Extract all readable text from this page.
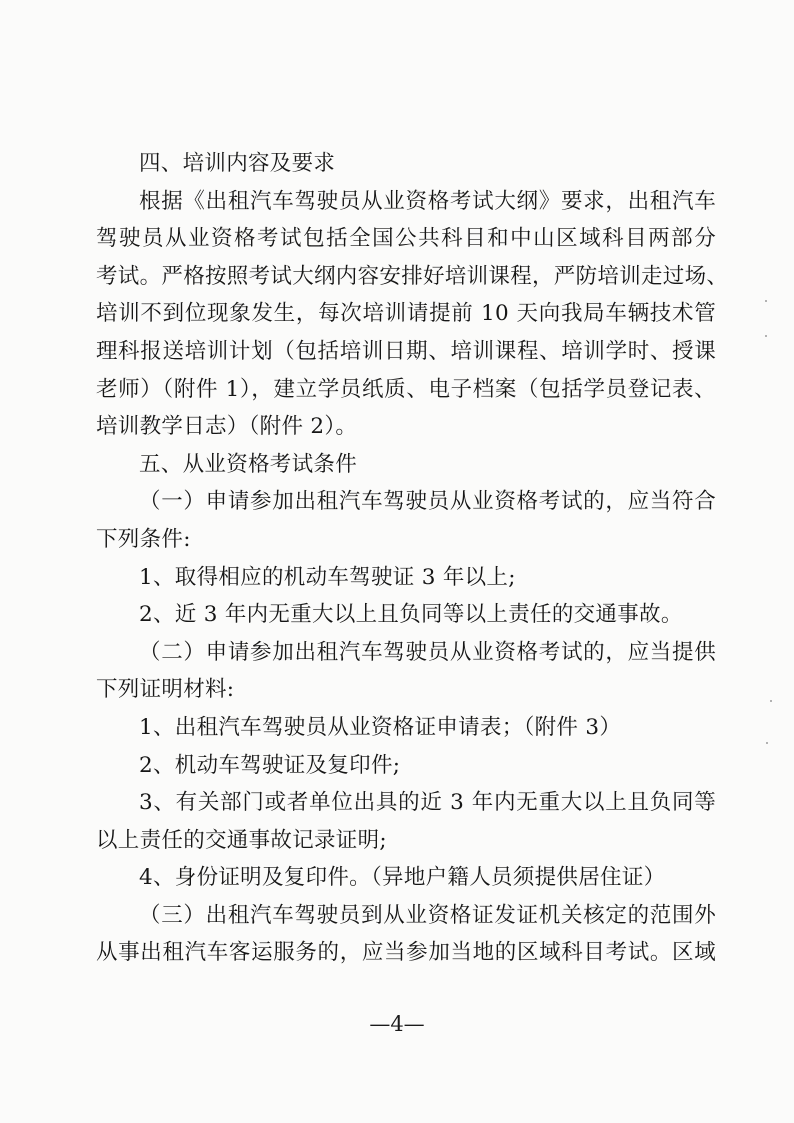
四、培训内容及要求

根据《出租汽车驾驶员从业资格考试大纲》要求，出租汽车

驾驶员从业资格考试包括全国公共科目和中山区域科目两部分

考试。严格按照考试大纲内容安排好培训课程，严防培训走过场、

培训不到位现象发生，每次培训请提前 10 天向我局车辆技术管

理科报送培训计划（包括培训日期、培训课程、培训学时、授课

老师）（附件 1），建立学员纸质、电子档案（包括学员登记表、

培训教学日志）（附件 2）。

五、从业资格考试条件

（一）申请参加出租汽车驾驶员从业资格考试的，应当符合

下列条件:

1、取得相应的机动车驾驶证 3 年以上;

2、近 3 年内无重大以上且负同等以上责任的交通事故。

（二）申请参加出租汽车驾驶员从业资格考试的，应当提供

下列证明材料:

1、出租汽车驾驶员从业资格证申请表；（附件 3）

2、机动车驾驶证及复印件;

3、有关部门或者单位出具的近 3 年内无重大以上且负同等

以上责任的交通事故记录证明;

4、身份证明及复印件。（异地户籍人员须提供居住证）

（三）出租汽车驾驶员到从业资格证发证机关核定的范围外

从事出租汽车客运服务的，应当参加当地的区域科目考试。区域

—4—
